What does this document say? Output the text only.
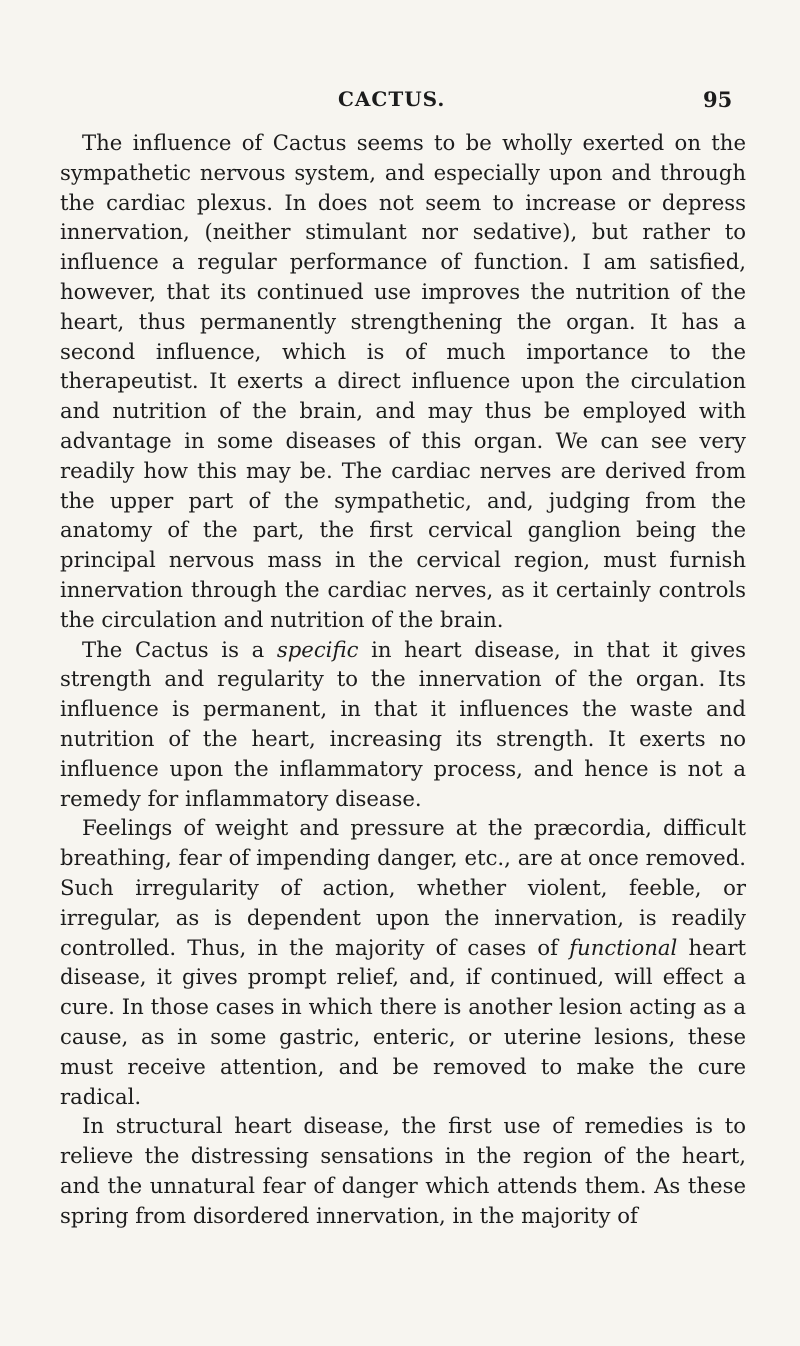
CACTUS.	95

The influence of Cactus seems to be wholly exerted on the sympathetic nervous system, and especially upon and through the cardiac plexus. In does not seem to increase or depress innervation, (neither stimulant nor sedative), but rather to influence a regular performance of function. I am satisfied, however, that its continued use improves the nutrition of the heart, thus permanently strengthening the organ. It has a second influence, which is of much importance to the therapeutist. It exerts a direct influence upon the circulation and nutrition of the brain, and may thus be employed with advantage in some diseases of this organ. We can see very readily how this may be. The cardiac nerves are derived from the upper part of the sympathetic, and, judging from the anatomy of the part, the first cervical ganglion being the principal nervous mass in the cervical region, must furnish innervation through the cardiac nerves, as it certainly controls the circulation and nutrition of the brain.

The Cactus is a specific in heart disease, in that it gives strength and regularity to the innervation of the organ. Its influence is permanent, in that it influences the waste and nutrition of the heart, increasing its strength. It exerts no influence upon the inflammatory process, and hence is not a remedy for inflammatory disease.

Feelings of weight and pressure at the præcordia, difficult breathing, fear of impending danger, etc., are at once removed. Such irregularity of action, whether violent, feeble, or irregular, as is dependent upon the innervation, is readily controlled. Thus, in the majority of cases of functional heart disease, it gives prompt relief, and, if continued, will effect a cure. In those cases in which there is another lesion acting as a cause, as in some gastric, enteric, or uterine lesions, these must receive attention, and be removed to make the cure radical.

In structural heart disease, the first use of remedies is to relieve the distressing sensations in the region of the heart, and the unnatural fear of danger which attends them. As these spring from disordered innervation, in the majority of
